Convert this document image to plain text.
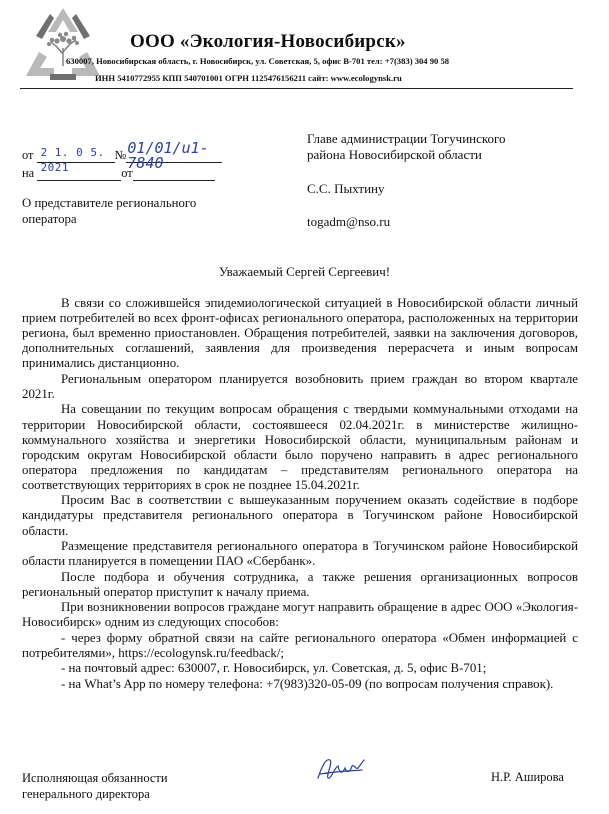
ООО «Экология-Новосибирск»
630007, Новосибирская область, г. Новосибирск, ул. Советская, 5, офис В-701 тел: +7(383) 304 90 58
ИНН 5410772955 КПП 540701001 ОГРН 1125476156211 сайт: www.ecologynsk.ru
от 2 1. 0 5. 2021
№ 01/01/u1-7840
на	от
О представителе регионального
оператора
Главе администрации Тогучинского
района Новосибирской области
С.С. Пыхтину
togadm@nso.ru
Уважаемый Сергей Сергеевич!

В связи со сложившейся эпидемиологической ситуацией в Новосибирской области личный прием потребителей во всех фронт-офисах регионального оператора, расположенных на территории региона, был временно приостановлен. Обращения потребителей, заявки на заключения договоров, дополнительных соглашений, заявления для произведения перерасчета и иным вопросам принимались дистанционно.

Региональным оператором планируется возобновить прием граждан во втором квартале 2021г.

На совещании по текущим вопросам обращения с твердыми коммунальными отходами на территории Новосибирской области, состоявшееся 02.04.2021г. в министерстве жилищно-коммунального хозяйства и энергетики Новосибирской области, муниципальным районам и городским округам Новосибирской области было поручено направить в адрес регионального оператора предложения по кандидатам – представителям регионального оператора на соответствующих территориях в срок не позднее 15.04.2021г.

Просим Вас в соответствии с вышеуказанным поручением оказать содействие в подборе кандидатуры представителя регионального оператора в Тогучинском районе Новосибирской области.

Размещение представителя регионального оператора в Тогучинском районе Новосибирской области планируется в помещении ПАО «Сбербанк».

После подбора и обучения сотрудника, а также решения организационных вопросов региональный оператор приступит к началу приема.

При возникновении вопросов граждане могут направить обращение в адрес ООО «Экология-Новосибирск» одним из следующих способов:

- через форму обратной связи на сайте регионального оператора «Обмен информацией с потребителями», https://ecologynsk.ru/feedback/;

- на почтовый адрес: 630007, г. Новосибирск, ул. Советская, д. 5, офис В-701;

- на What’s App по номеру телефона: +7(983)320-05-09 (по вопросам получения справок).

Исполняющая обязанности
генерального директора
Н.Р. Аширова
